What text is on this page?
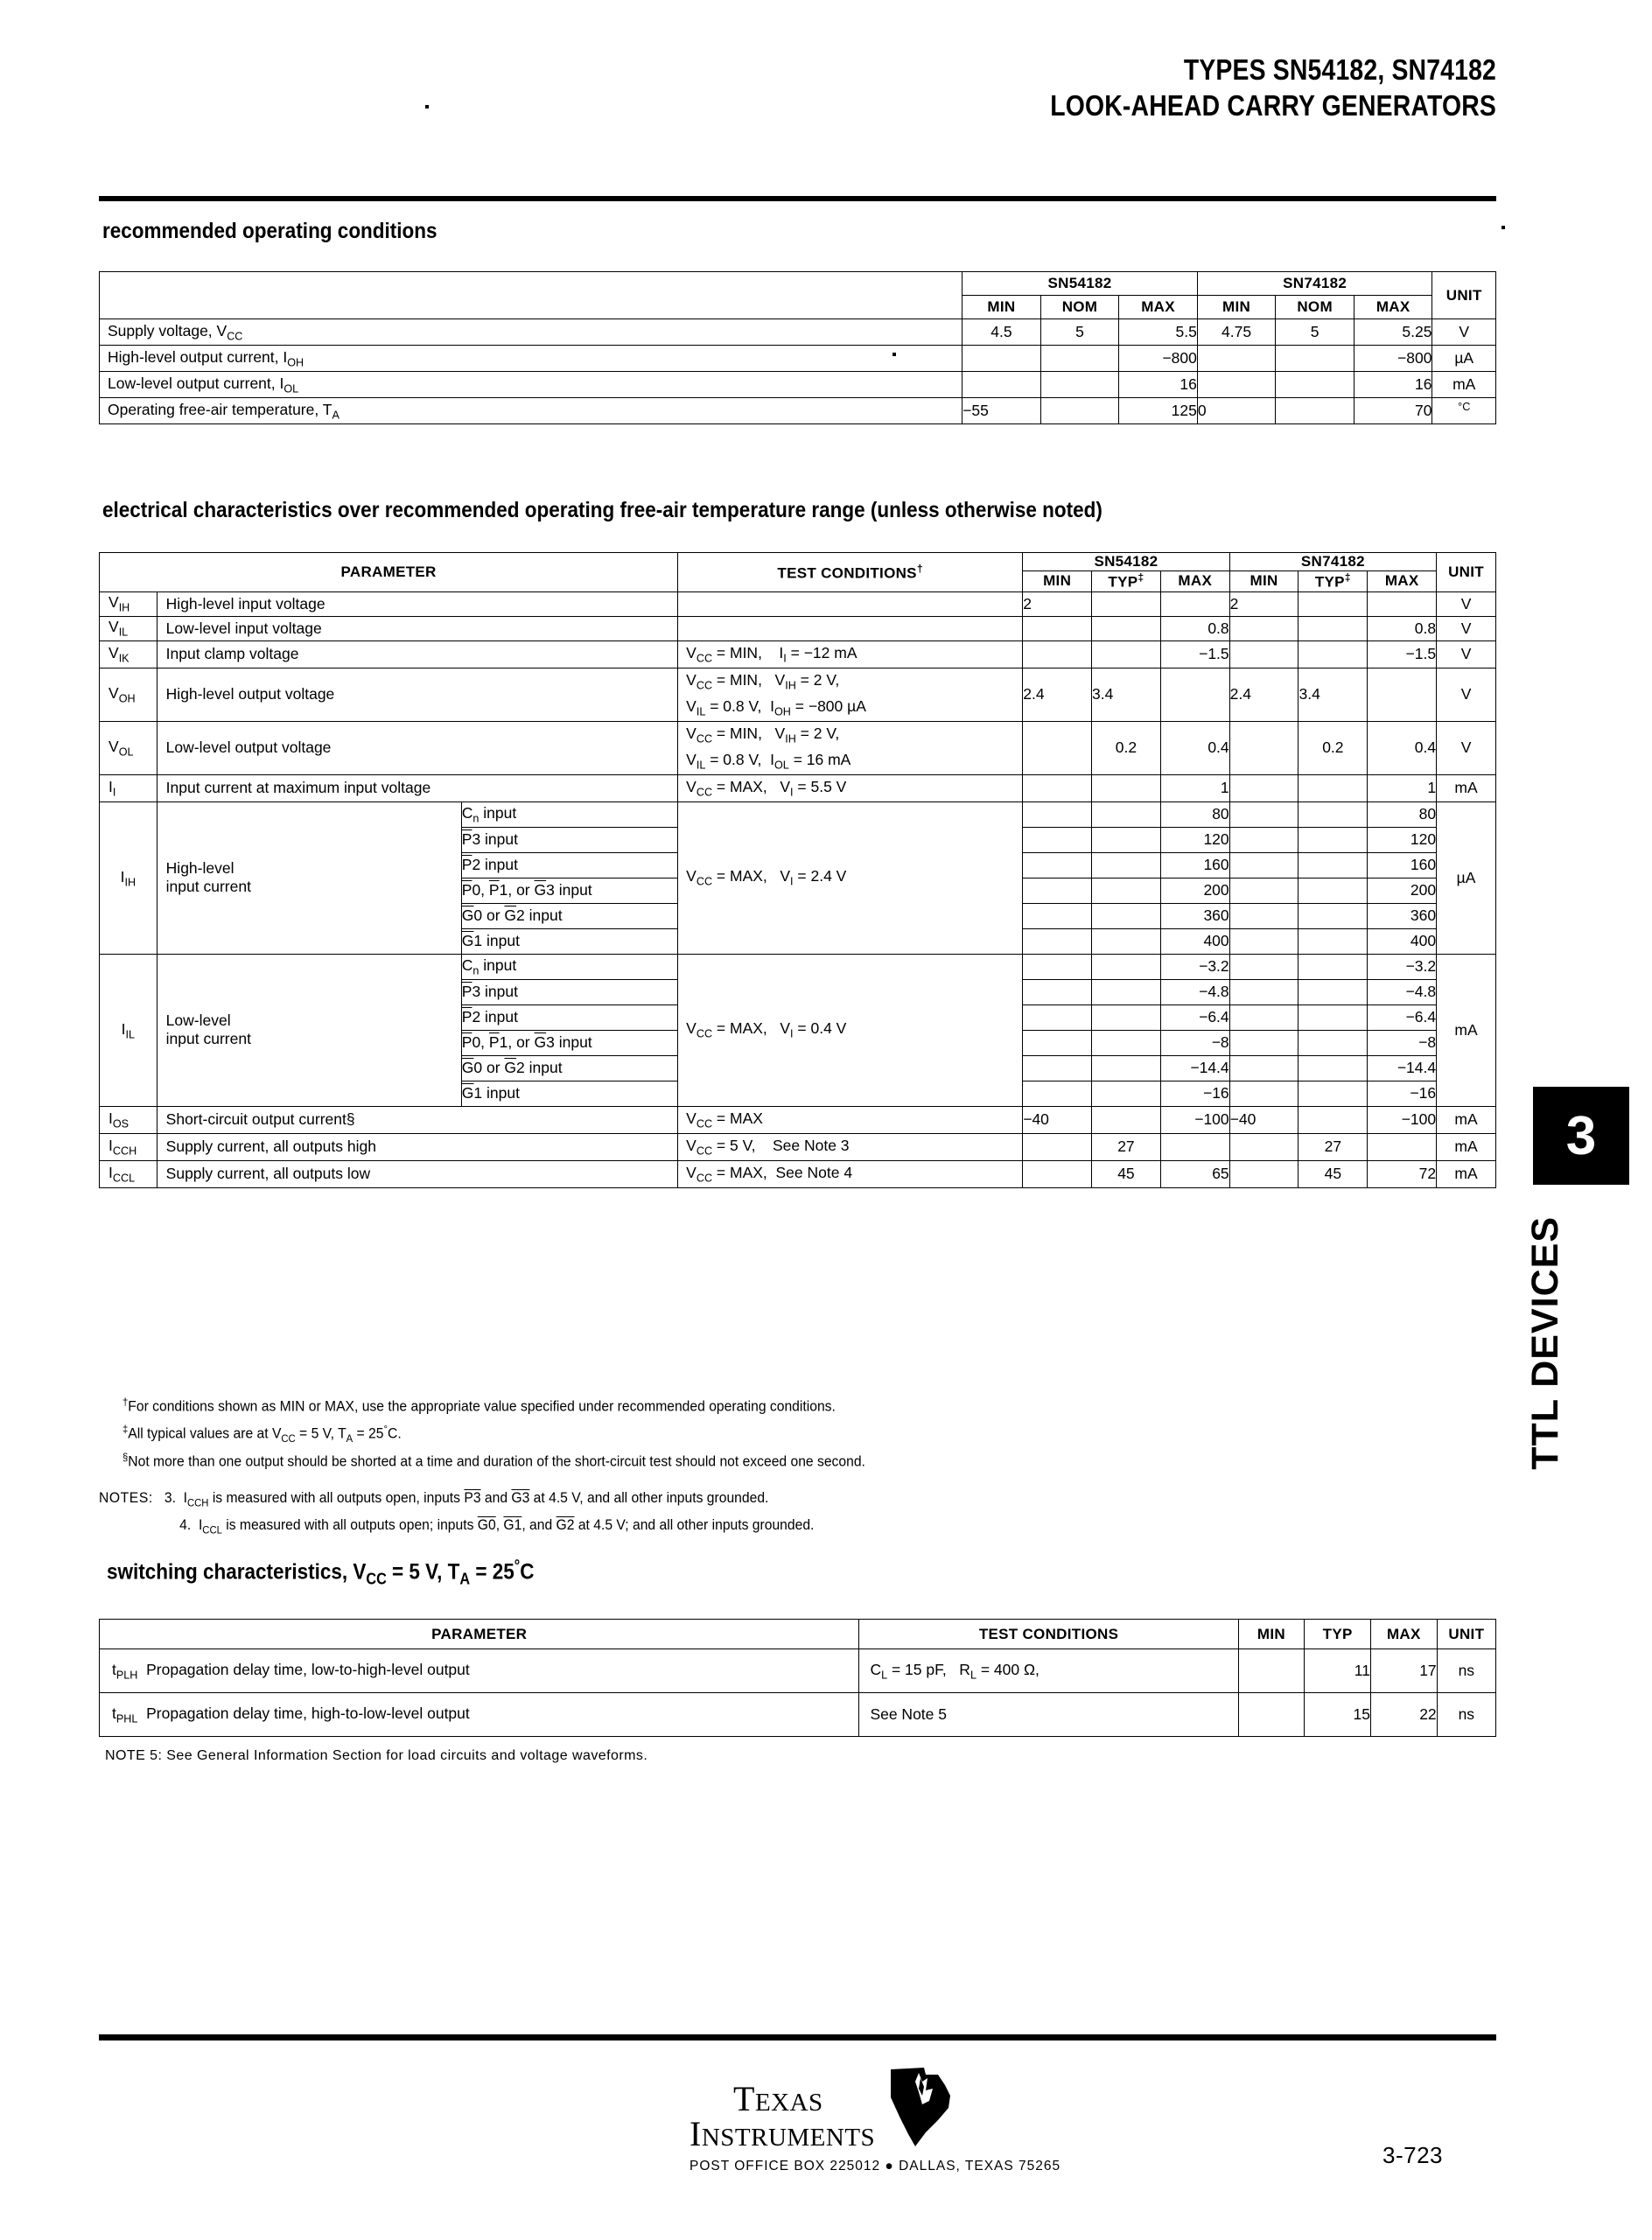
TYPES SN54182, SN74182
LOOK-AHEAD CARRY GENERATORS
recommended operating conditions
	SN54182			SN74182			UNIT
	MIN	NOM	MAX	MIN	NOM	MAX	
Supply voltage, $V_{CC}$	4.5	5	5.5	4.75	5	5.25	V
High-level output current, $I_{OH}$			−800			−800	µA
Low-level output current, $I_{OL}$			16			16	mA
Operating free-air temperature, $T_A$	−55		125	0		70	$^{^\circ C}$
electrical characteristics over recommended operating free-air temperature range (unless otherwise noted)
PARAMETER			TEST CONDITIONS†	SN54182			SN74182			UNIT
				MIN	TYP‡	MAX	MIN	TYP‡	MAX	
$V_{IH}$	High-level input voltage			2			2			V
$V_{IL}$	Low-level input voltage					0.8			0.8	V
$V_{IK}$	Input clamp voltage		$V_{CC}$ = MIN,    $I_I = -12$ mA			−1.5			−1.5	V
$V_{OH}$	High-level output voltage		$V_{CC}$ = MIN,   $V_{IH} = 2$ V,
$V_{IL} = 0.8$ V,  $I_{OH} = -800$ µA	2.4	3.4		2.4	3.4		V
$V_{OL}$	Low-level output voltage		$V_{CC}$ = MIN,   $V_{IH} = 2$ V,
$V_{IL} = 0.8$ V,  $I_{OL} = 16$ mA		0.2	0.4		0.2	0.4	V
$I_I$	Input current at maximum input voltage		$V_{CC}$ = MAX,   $V_I = 5.5$ V			1			1	mA
$I_{IH}$	High-level
input current	$C_n$ input	$V_{CC}$ = MAX,   $V_I = 2.4$ V			80			80	µA
		$\overline{P}3$ input				120			120	
		$\overline{P}2$ input				160			160	
		$\overline{P}0$, $\overline{P}1$, or $\overline{G}3$ input				200			200	
		$\overline{G}0$ or $\overline{G}2$ input				360			360	
		$\overline{G}1$ input				400			400	
$I_{IL}$	Low-level
input current	$C_n$ input	$V_{CC}$ = MAX,   $V_I = 0.4$ V			−3.2			−3.2	mA
		$\overline{P}3$ input				−4.8			−4.8	
		$\overline{P}2$ input				−6.4			−6.4	
		$\overline{P}0$, $\overline{P}1$, or $\overline{G}3$ input				−8			−8	
		$\overline{G}0$ or $\overline{G}2$ input				−14.4			−14.4	
		$\overline{G}1$ input				−16			−16	
$I_{OS}$	Short-circuit output current§		$V_{CC}$ = MAX	−40		−100	−40		−100	mA
$I_{CCH}$	Supply current, all outputs high		$V_{CC} = 5$ V,    See Note 3		27			27		mA
$I_{CCL}$	Supply current, all outputs low		$V_{CC}$ = MAX,  See Note 4		45	65		45	72	mA
†For conditions shown as MIN or MAX, use the appropriate value specified under recommended operating conditions.
‡All typical values are at $V_{CC} = 5$ V, $T_A = 25^\circ C$.
§Not more than one output should be shorted at a time and duration of the short-circuit test should not exceed one second.
NOTES: 3. $I_{CCH}$ is measured with all outputs open, inputs P3 and G3 at 4.5 V, and all other inputs grounded.
4. $I_{CCL}$ is measured with all outputs open; inputs G0, G1, and G2 at 4.5 V; and all other inputs grounded.
switching characteristics, $V_{CC} = 5$ V, $T_A = 25^\circ C$
PARAMETER	TEST CONDITIONS	MIN	TYP	MAX	UNIT
$t_{PLH}$ Propagation delay time, low-to-high-level output	$C_L = 15$ pF,   $R_L = 400$ Ω,		11	17	ns
$t_{PHL}$ Propagation delay time, high-to-low-level output	See Note 5		15	22	ns
NOTE 5: See General Information Section for load circuits and voltage waveforms.
3
TTL DEVICES
TEXAS
INSTRUMENTS
POST OFFICE BOX 225012 ● DALLAS, TEXAS 75265	3-723
